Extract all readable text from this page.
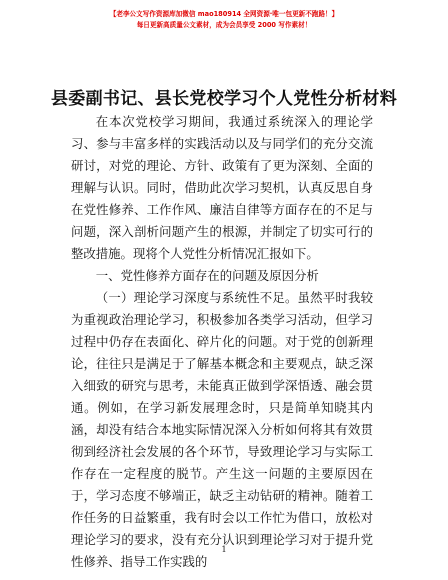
【老李公文写作资源库加微信 mao180914 全网资源·唯一包更新不跑路！】
每日更新高质量公文素材，成为会员享受 2000 写作素材！
县委副书记、县长党校学习个人党性分析材料

在本次党校学习期间，我通过系统深入的理论学习、参与丰富多样的实践活动以及与同学们的充分交流研讨，对党的理论、方针、政策有了更为深刻、全面的理解与认识。同时，借助此次学习契机，认真反思自身在党性修养、工作作风、廉洁自律等方面存在的不足与问题，深入剖析问题产生的根源，并制定了切实可行的整改措施。现将个人党性分析情况汇报如下。

一、党性修养方面存在的问题及原因分析

（一）理论学习深度与系统性不足。虽然平时我较为重视政治理论学习，积极参加各类学习活动，但学习过程中仍存在表面化、碎片化的问题。对于党的创新理论，往往只是满足于了解基本概念和主要观点，缺乏深入细致的研究与思考，未能真正做到学深悟透、融会贯通。例如，在学习新发展理念时，只是简单知晓其内涵，却没有结合本地实际情况深入分析如何将其有效贯彻到经济社会发展的各个环节，导致理论学习与实际工作存在一定程度的脱节。产生这一问题的主要原因在于，学习态度不够端正，缺乏主动钻研的精神。随着工作任务的日益繁重，我有时会以工作忙为借口，放松对理论学习的要求，没有充分认识到理论学习对于提升党性修养、指导工作实践的

1
